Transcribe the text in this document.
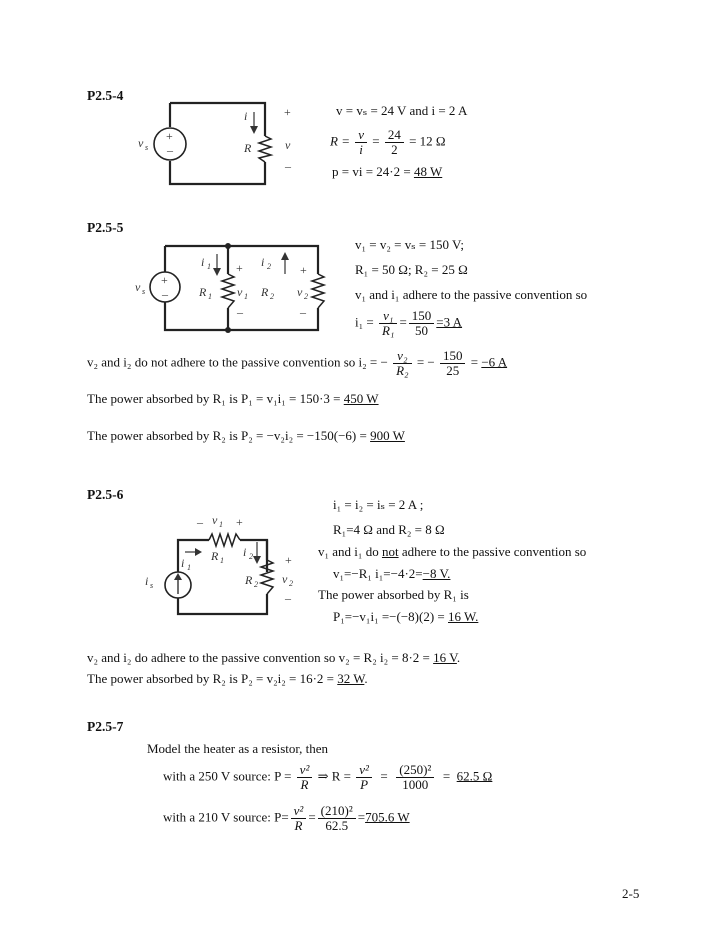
P2.5-4
+
–
v s
i
R
+
v
–
v = vₛ = 24 V and i = 2 A
$R = \frac{v}{i} = \frac{24}{2} = 12$ Ω
p = vi = 24·2 = 48 W
P2.5-5
+
–
v s
i 1
R 1
+
v 1
–
i 2
R 2
+
v 2
–
v₁ = v₂ = vₛ = 150 V;
R₁ = 50 Ω; R₂ = 25 Ω
v₁ and i₁ adhere to the passive convention so
$i_1 = \frac{\text{v₁}}{\text{R₁}} = \frac{150}{50} =3$ A
v₂ and i₂ do not adhere to the passive convention so i₂ = − $\frac{\text{v₂}}{\text{R₂}}$ = − $\frac{150}{25} = -6$ A
The power absorbed by R₁ is P₁ = v₁i₁ = 150·3 = 450 W
The power absorbed by R₂ is P₂ = −v₂i₂ = −150(−6) = 900 W
P2.5-6
– v 1 +
i 1
R 1
i 2
R 2
+
v 2
–
i s
i₁ = i₂ = iₛ = 2 A ;
R₁=4 Ω and R₂ = 8 Ω
v₁ and i₁ do not adhere to the passive convention so
v₁=−R₁ i₁=−4·2=−8 V.
The power absorbed by R₁ is
P₁=−v₁i₁ =−(−8)(2) = 16 W.
v₂ and i₂ do adhere to the passive convention so v₂ = R₂ i₂ = 8·2 = 16 V.
The power absorbed by R₂ is P₂ = v₂i₂ = 16·2 = 32 W.
P2.5-7
Model the heater as a resistor, then
with a 250 V source: $P = \frac{\text{v²}}{R}$ ⇒ $R = \frac{\text{v²}}{P} = \frac{\text{(250)²}}{1000} = 62.5$ Ω
with a 210 V source: $P= \frac{\text{v²}}{R} = \frac{\text{(210)²}}{62.5} =705.6$ W
2-5
